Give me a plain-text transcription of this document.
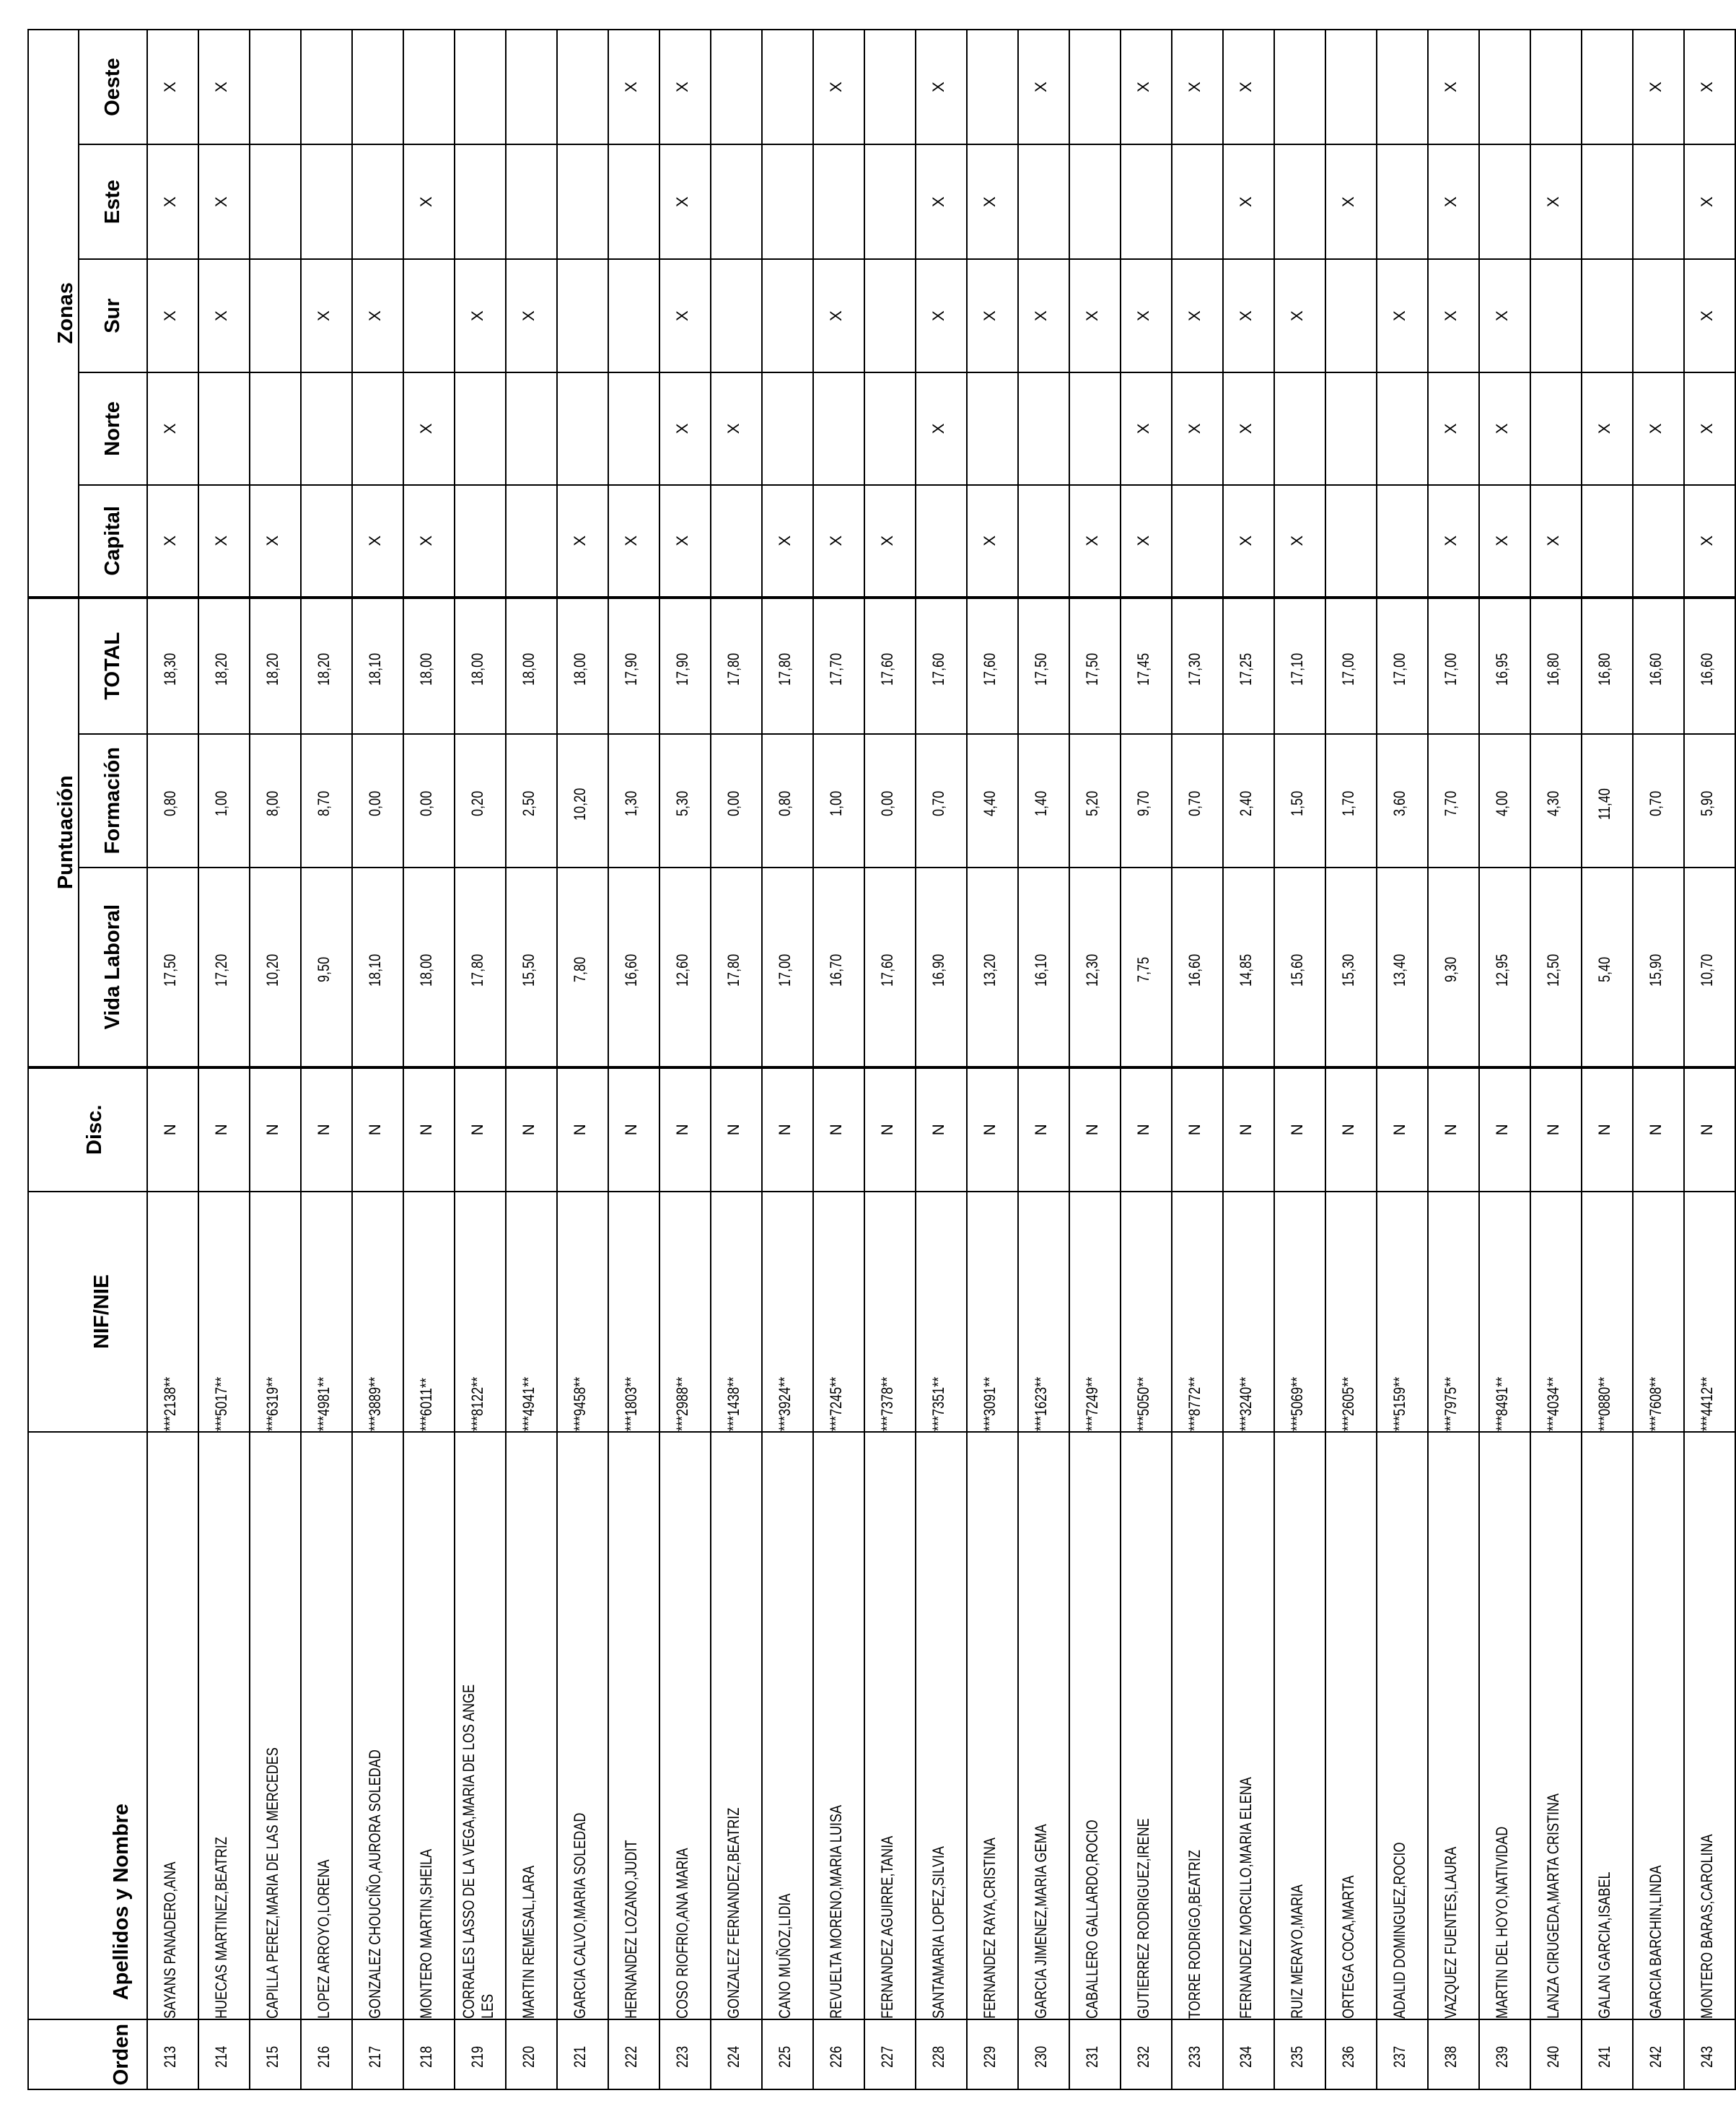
Orden	Apellidos y Nombre	NIF/NIE	Disc.	Puntuación			Zonas				
				Vida Laboral	Formación	TOTAL	Capital	Norte	Sur	Este	Oeste
213	SAYANS PANADERO,ANA	***2138**	N	17,50	0,80	18,30	X	X	X	X	X
214	HUECAS MARTINEZ,BEATRIZ	***5017**	N	17,20	1,00	18,20	X		X	X	X
215	CAPILLA PEREZ,MARIA DE LAS MERCEDES	***6319**	N	10,20	8,00	18,20	X				
216	LOPEZ ARROYO,LORENA	***4981**	N	9,50	8,70	18,20			X		
217	GONZALEZ CHOUCIÑO,AURORA SOLEDAD	***3889**	N	18,10	0,00	18,10	X		X		
218	MONTERO MARTIN,SHEILA	***6011**	N	18,00	0,00	18,00	X	X		X	
219	CORRALES LASSO DE LA VEGA,MARIA DE LOS ANGE LES	***8122**	N	17,80	0,20	18,00			X		
220	MARTIN REMESAL,LARA	***4941**	N	15,50	2,50	18,00			X		
221	GARCIA CALVO,MARIA SOLEDAD	***9458**	N	7,80	10,20	18,00	X				
222	HERNANDEZ LOZANO,JUDIT	***1803**	N	16,60	1,30	17,90	X				X
223	COSO RIOFRIO,ANA MARIA	***2988**	N	12,60	5,30	17,90	X	X	X	X	X
224	GONZALEZ FERNANDEZ,BEATRIZ	***1438**	N	17,80	0,00	17,80		X			
225	CANO MUÑOZ,LIDIA	***3924**	N	17,00	0,80	17,80	X				
226	REVUELTA MORENO,MARIA LUISA	***7245**	N	16,70	1,00	17,70	X		X		X
227	FERNANDEZ AGUIRRE,TANIA	***7378**	N	17,60	0,00	17,60	X				
228	SANTAMARIA LOPEZ,SILVIA	***7351**	N	16,90	0,70	17,60		X	X	X	X
229	FERNANDEZ RAYA,CRISTINA	***3091**	N	13,20	4,40	17,60	X		X	X	
230	GARCIA JIMENEZ,MARIA GEMA	***1623**	N	16,10	1,40	17,50			X		X
231	CABALLERO GALLARDO,ROCIO	***7249**	N	12,30	5,20	17,50	X		X		
232	GUTIERREZ RODRIGUEZ,IRENE	***5050**	N	7,75	9,70	17,45	X	X	X		X
233	TORRE RODRIGO,BEATRIZ	***8772**	N	16,60	0,70	17,30		X	X		X
234	FERNANDEZ MORCILLO,MARIA ELENA	***3240**	N	14,85	2,40	17,25	X	X	X	X	X
235	RUIZ MERAYO,MARIA	***5069**	N	15,60	1,50	17,10	X		X		
236	ORTEGA COCA,MARTA	***2605**	N	15,30	1,70	17,00				X	
237	ADALID DOMINGUEZ,ROCIO	***5159**	N	13,40	3,60	17,00			X		
238	VAZQUEZ FUENTES,LAURA	***7975**	N	9,30	7,70	17,00	X	X	X	X	X
239	MARTIN DEL HOYO,NATIVIDAD	***8491**	N	12,95	4,00	16,95	X	X	X		
240	LANZA CIRUGEDA,MARTA CRISTINA	***4034**	N	12,50	4,30	16,80	X			X	
241	GALAN GARCIA,ISABEL	***0880**	N	5,40	11,40	16,80		X			
242	GARCIA BARCHIN,LINDA	***7608**	N	15,90	0,70	16,60		X			X
243	MONTERO BARAS,CAROLINA	***4412**	N	10,70	5,90	16,60	X	X	X	X	X
